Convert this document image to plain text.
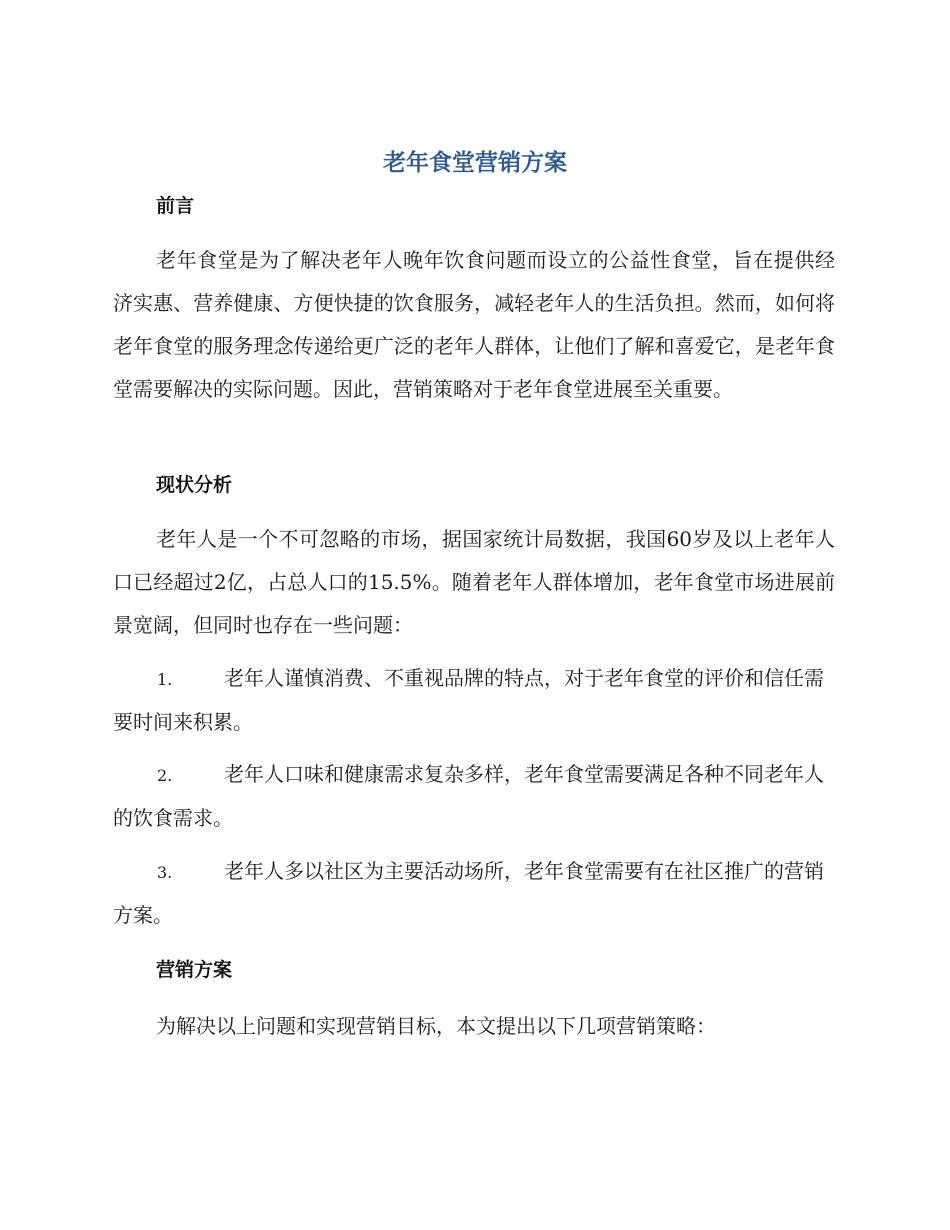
老年食堂营销方案
前言
老年食堂是为了解决老年人晚年饮食问题而设立的公益性食堂，旨在提供经济实惠、营养健康、方便快捷的饮食服务，减轻老年人的生活负担。然而，如何将老年食堂的服务理念传递给更广泛的老年人群体，让他们了解和喜爱它，是老年食堂需要解决的实际问题。因此，营销策略对于老年食堂进展至关重要。
现状分析
老年人是一个不可忽略的市场，据国家统计局数据，我国60岁及以上老年人口已经超过2亿，占总人口的15.5%。随着老年人群体增加，老年食堂市场进展前景宽阔，但同时也存在一些问题：
1.	老年人谨慎消费、不重视品牌的特点，对于老年食堂的评价和信任需要时间来积累。
2.	老年人口味和健康需求复杂多样，老年食堂需要满足各种不同老年人的饮食需求。
3.	老年人多以社区为主要活动场所，老年食堂需要有在社区推广的营销方案。
营销方案
为解决以上问题和实现营销目标，本文提出以下几项营销策略：
